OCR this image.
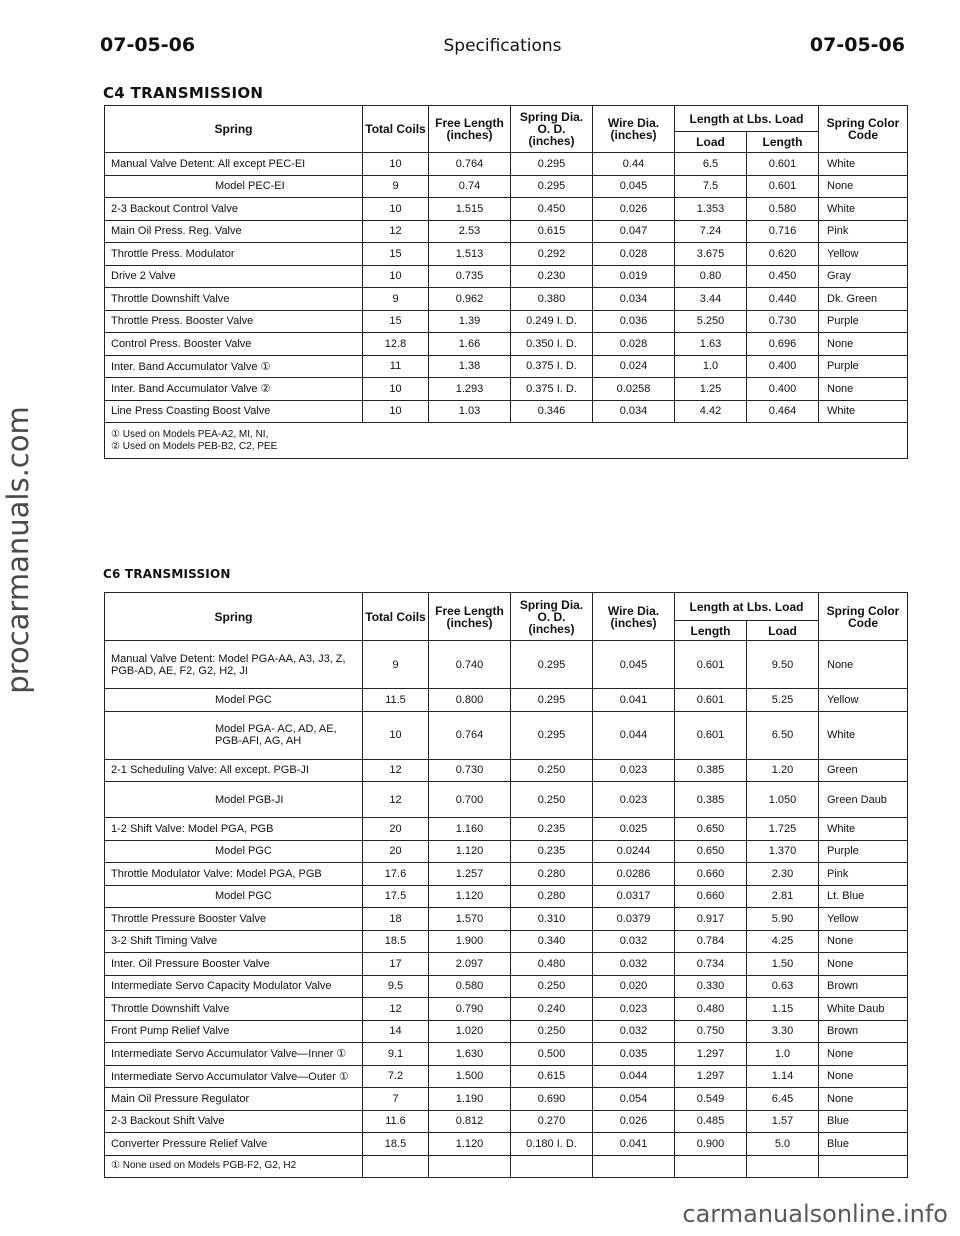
07-05-06	Specifications	07-05-06
procarmanuals.com
C4 TRANSMISSION
Spring	Total Coils	Free Length (inches)	Spring Dia. O. D. (inches)	Wire Dia. (inches)	Length at Lbs. Load		Spring Color Code
					Load	Length	
Manual Valve Detent: All except PEC-EI	10	0.764	0.295	0.44	6.5	0.601	White
Model PEC-EI	9	0.74	0.295	0.045	7.5	0.601	None
2-3 Backout Control Valve	10	1.515	0.450	0.026	1.353	0.580	White
Main Oil Press. Reg. Valve	12	2.53	0.615	0.047	7.24	0.716	Pink
Throttle Press. Modulator	15	1.513	0.292	0.028	3.675	0.620	Yellow
Drive 2 Valve	10	0.735	0.230	0.019	0.80	0.450	Gray
Throttle Downshift Valve	9	0.962	0.380	0.034	3.44	0.440	Dk. Green
Throttle Press. Booster Valve	15	1.39	0.249 I. D.	0.036	5.250	0.730	Purple
Control Press. Booster Valve	12.8	1.66	0.350 I. D.	0.028	1.63	0.696	None
Inter. Band Accumulator Valve ①	11	1.38	0.375 I. D.	0.024	1.0	0.400	Purple
Inter. Band Accumulator Valve ②	10	1.293	0.375 I. D.	0.0258	1.25	0.400	None
Line Press Coasting Boost Valve	10	1.03	0.346	0.034	4.42	0.464	White

① Used on Models PEA-A2, MI, NI,
② Used on Models PEB-B2, C2, PEE							
C6 TRANSMISSION
Spring	Total Coils	Free Length (inches)	Spring Dia. O. D. (inches)	Wire Dia. (inches)	Length at Lbs. Load		Spring Color Code
					Length	Load	
Manual Valve Detent: Model PGA-AA, A3, J3, Z, PGB-AD, AE, F2, G2, H2, JI	9	0.740	0.295	0.045	0.601	9.50	None
Model PGC	11.5	0.800	0.295	0.041	0.601	5.25	Yellow
Model PGA- AC, AD, AE, PGB-AFI, AG, AH	10	0.764	0.295	0.044	0.601	6.50	White
2-1 Scheduling Valve: All except. PGB-JI	12	0.730	0.250	0.023	0.385	1.20	Green
Model PGB-JI	12	0.700	0.250	0.023	0.385	1.050	Green Daub
1-2 Shift Valve: Model PGA, PGB	20	1.160	0.235	0.025	0.650	1.725	White
Model PGC	20	1.120	0.235	0.0244	0.650	1.370	Purple
Throttle Modulator Valve: Model PGA, PGB	17.6	1.257	0.280	0.0286	0.660	2.30	Pink
Model PGC	17.5	1.120	0.280	0.0317	0.660	2.81	Lt. Blue
Throttle Pressure Booster Valve	18	1.570	0.310	0.0379	0.917	5.90	Yellow
3-2 Shift Timing Valve	18.5	1.900	0.340	0.032	0.784	4.25	None
Inter. Oil Pressure Booster Valve	17	2.097	0.480	0.032	0.734	1.50	None
Intermediate Servo Capacity Modulator Valve	9.5	0.580	0.250	0.020	0.330	0.63	Brown
Throttle Downshift Valve	12	0.790	0.240	0.023	0.480	1.15	White Daub
Front Pump Relief Valve	14	1.020	0.250	0.032	0.750	3.30	Brown
Intermediate Servo Accumulator Valve—Inner ①	9.1	1.630	0.500	0.035	1.297	1.0	None
Intermediate Servo Accumulator Valve—Outer ①	7.2	1.500	0.615	0.044	1.297	1.14	None
Main Oil Pressure Regulator	7	1.190	0.690	0.054	0.549	6.45	None
2-3 Backout Shift Valve	11.6	0.812	0.270	0.026	0.485	1.57	Blue
Converter Pressure Relief Valve	18.5	1.120	0.180 I. D.	0.041	0.900	5.0	Blue
① None used on Models PGB-F2, G2, H2							
carmanualsonline.info
